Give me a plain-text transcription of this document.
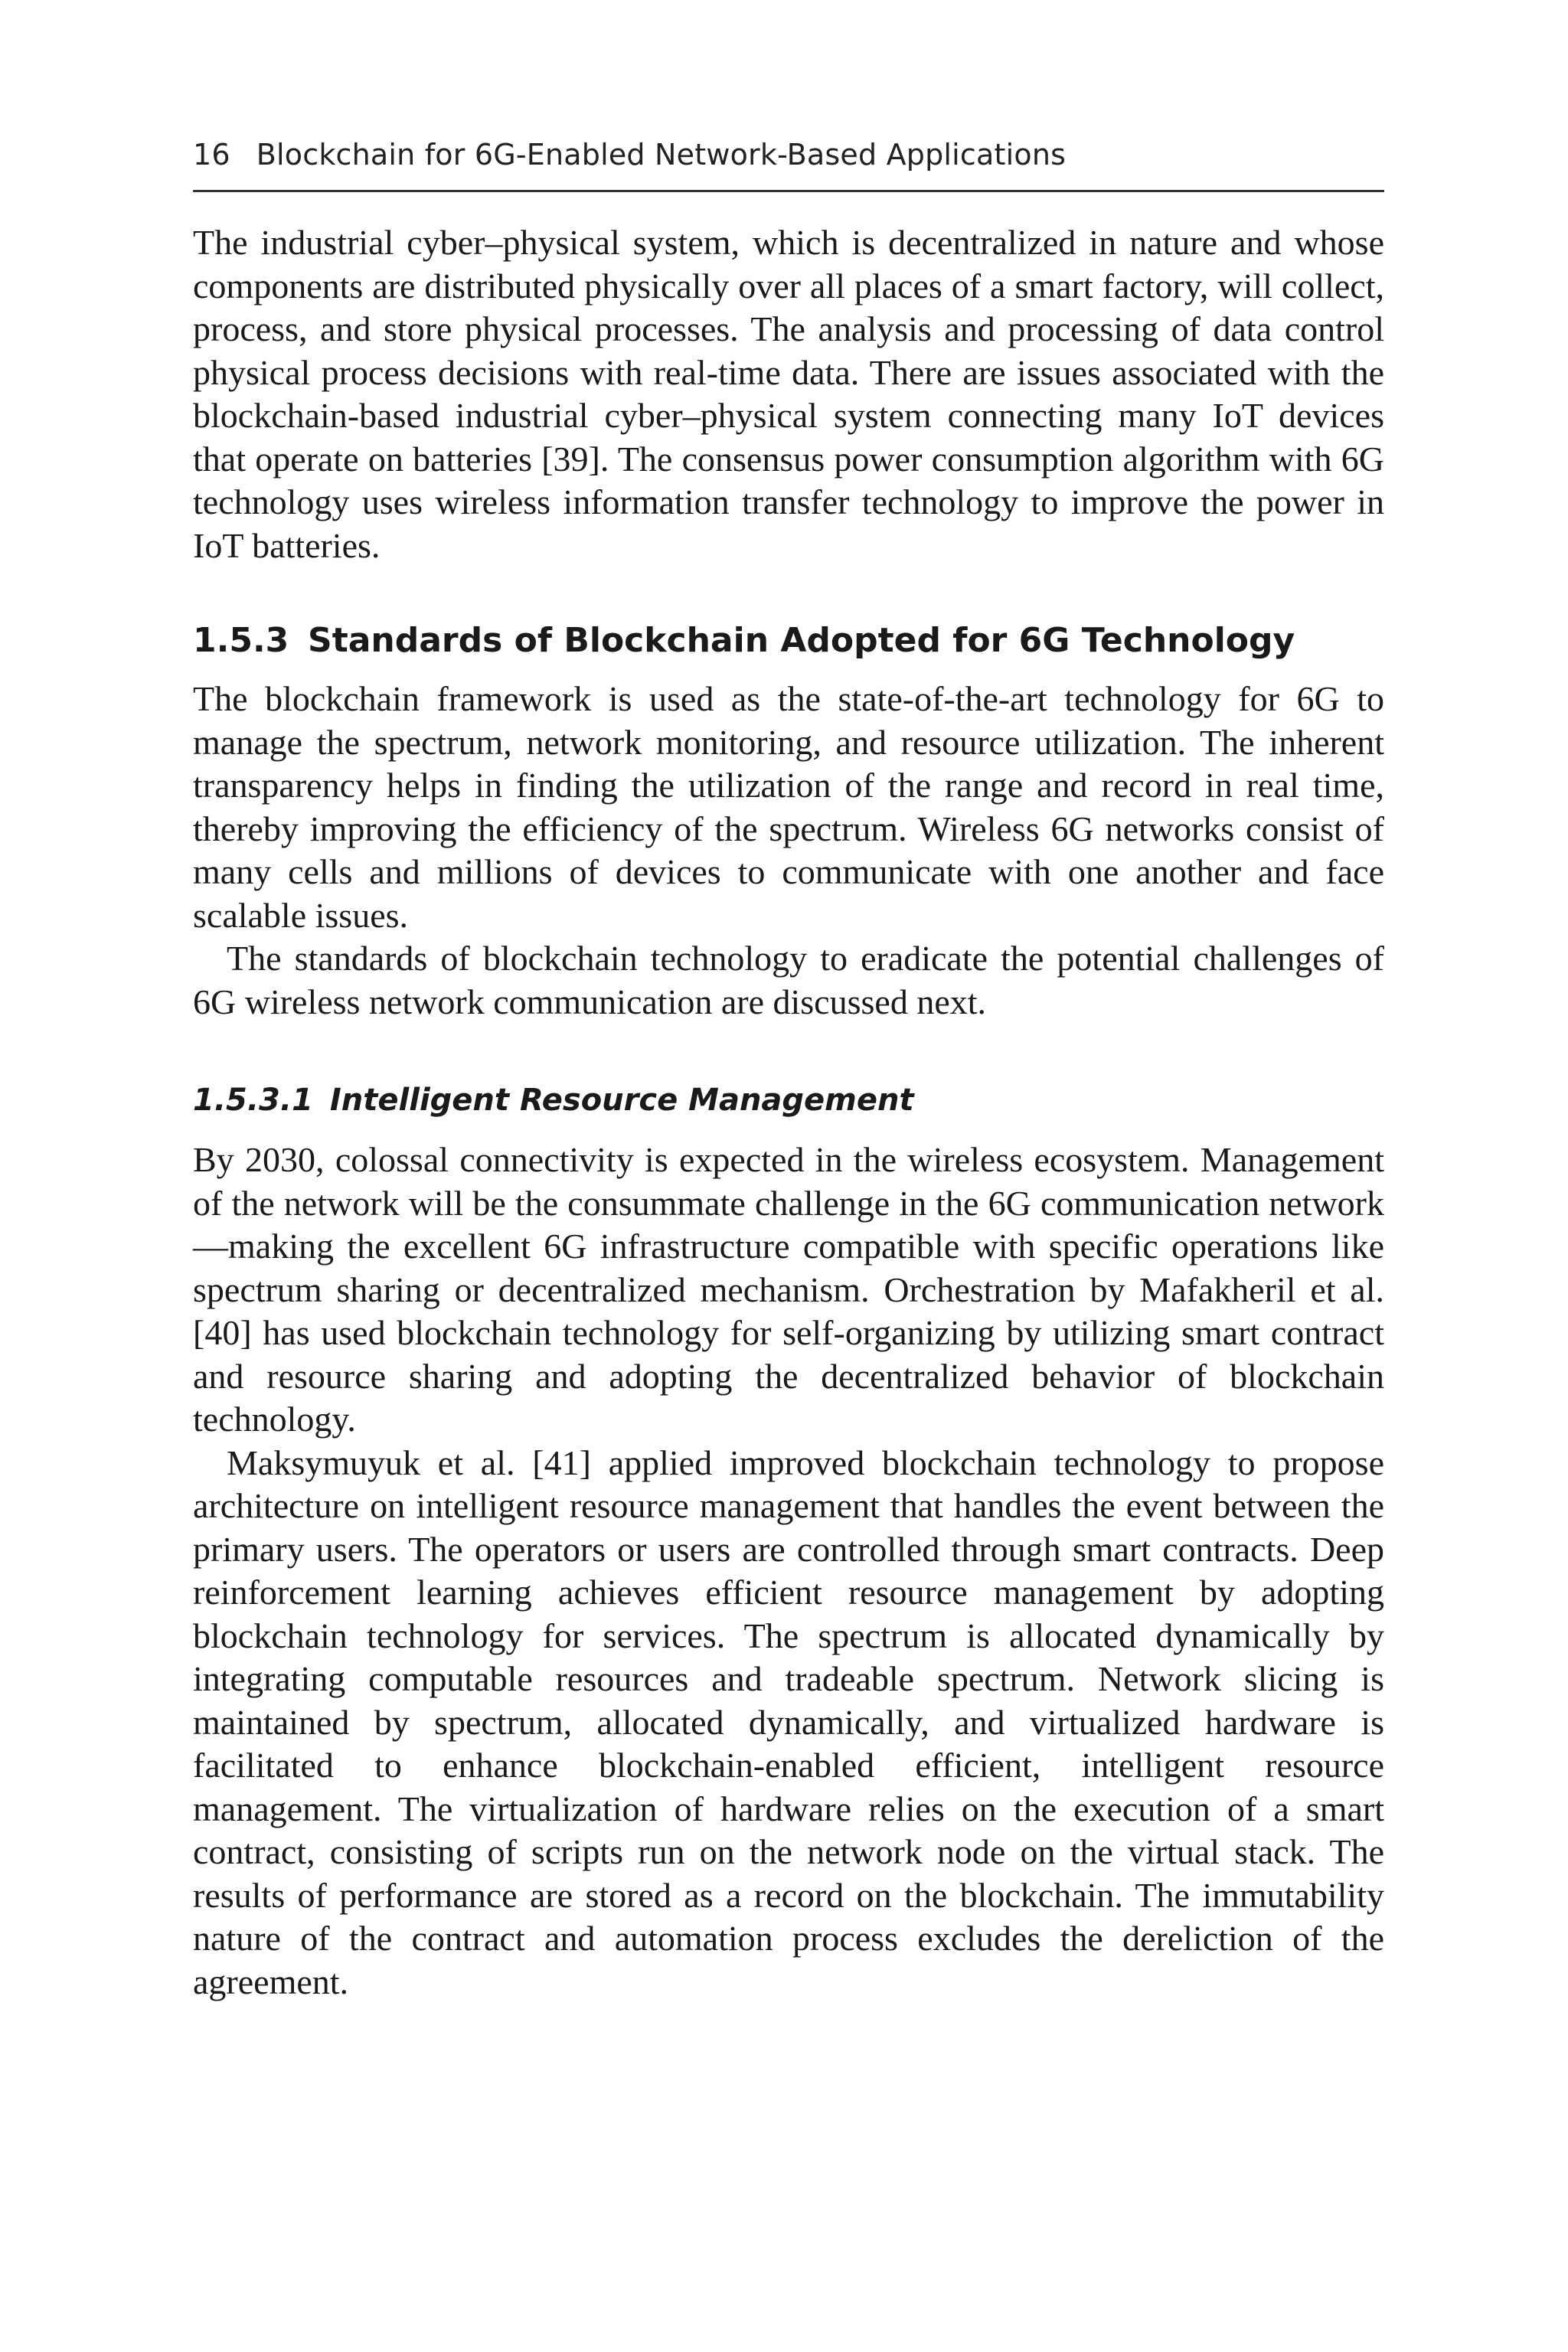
16 Blockchain for 6G-Enabled Network-Based Applications

The industrial cyber–physical system, which is decentralized in nature and whose components are distributed physically over all places of a smart factory, will collect, process, and store physical processes. The analysis and processing of data control physical process decisions with real-time data. There are issues associated with the blockchain-based industrial cyber–physical system connecting many IoT devices that operate on batteries [39]. The consensus power consumption algorithm with 6G technology uses wireless information transfer technology to improve the power in IoT batteries.

1.5.3 Standards of Blockchain Adopted for 6G Technology

The blockchain framework is used as the state-of-the-art technology for 6G to manage the spectrum, network monitoring, and resource utilization. The inherent transparency helps in finding the utilization of the range and record in real time, thereby improving the efficiency of the spectrum. Wireless 6G networks consist of many cells and millions of devices to communicate with one another and face scalable issues.

The standards of blockchain technology to eradicate the potential challenges of 6G wireless network communication are discussed next.

1.5.3.1 Intelligent Resource Management

By 2030, colossal connectivity is expected in the wireless ecosystem. Management of the network will be the consummate challenge in the 6G communication network—making the excellent 6G infrastructure compatible with specific operations like spectrum sharing or decentralized mechanism. Orchestration by Mafakheril et al. [40] has used blockchain technology for self-organizing by utilizing smart contract and resource sharing and adopting the decentralized behavior of blockchain technology.

Maksymuyuk et al. [41] applied improved blockchain technology to propose architecture on intelligent resource management that handles the event between the primary users. The operators or users are controlled through smart contracts. Deep reinforcement learning achieves efficient resource management by adopting blockchain technology for services. The spectrum is allocated dynamically by integrating computable resources and tradeable spectrum. Network slicing is maintained by spectrum, allocated dynamically, and virtualized hardware is facilitated to enhance blockchain-enabled efficient, intelligent resource management. The virtualization of hardware relies on the execution of a smart contract, consisting of scripts run on the network node on the virtual stack. The results of performance are stored as a record on the blockchain. The immutability nature of the contract and automation process excludes the dereliction of the agreement.
